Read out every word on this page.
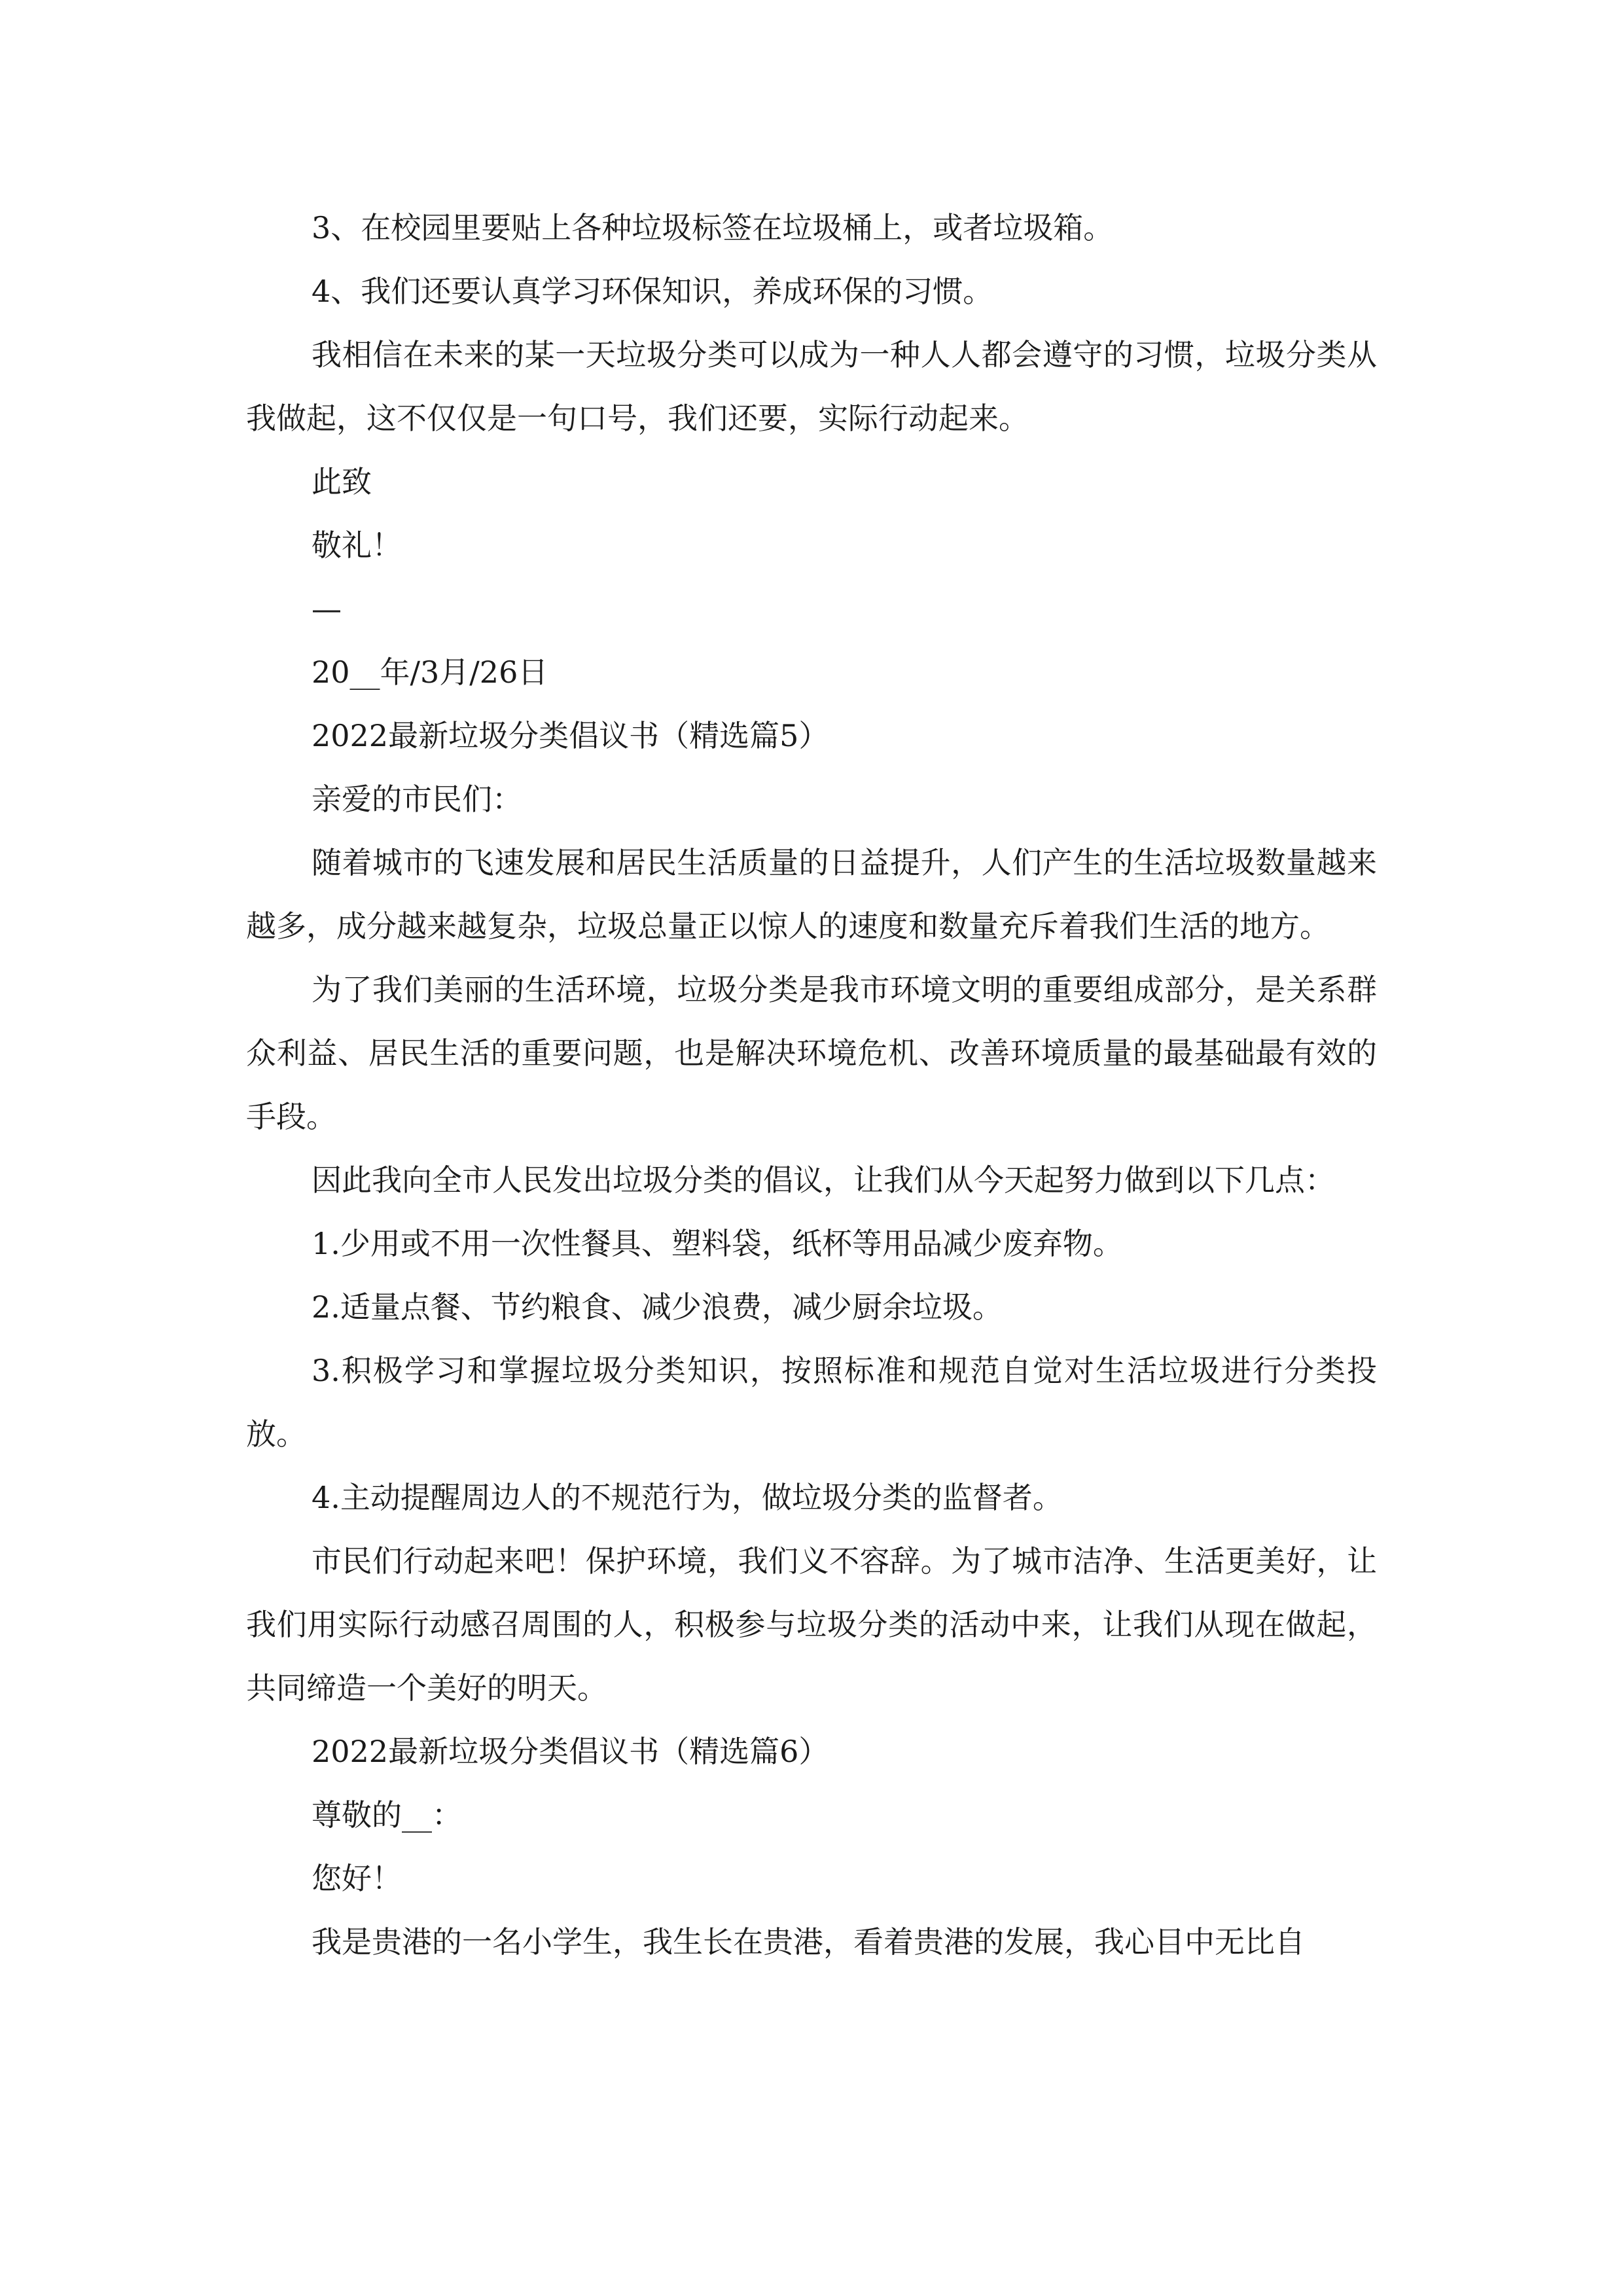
3、在校园里要贴上各种垃圾标签在垃圾桶上，或者垃圾箱。

4、我们还要认真学习环保知识，养成环保的习惯。

我相信在未来的某一天垃圾分类可以成为一种人人都会遵守的习惯，垃圾分类从我做起，这不仅仅是一句口号，我们还要，实际行动起来。

此致

敬礼！

—

20__年/3月/26日

2022最新垃圾分类倡议书（精选篇5）

亲爱的市民们：

随着城市的飞速发展和居民生活质量的日益提升，人们产生的生活垃圾数量越来越多，成分越来越复杂，垃圾总量正以惊人的速度和数量充斥着我们生活的地方。

为了我们美丽的生活环境，垃圾分类是我市环境文明的重要组成部分，是关系群众利益、居民生活的重要问题，也是解决环境危机、改善环境质量的最基础最有效的手段。

因此我向全市人民发出垃圾分类的倡议，让我们从今天起努力做到以下几点：

1.少用或不用一次性餐具、塑料袋，纸杯等用品减少废弃物。

2.适量点餐、节约粮食、减少浪费，减少厨余垃圾。

3.积极学习和掌握垃圾分类知识，按照标准和规范自觉对生活垃圾进行分类投放。

4.主动提醒周边人的不规范行为，做垃圾分类的监督者。

市民们行动起来吧！保护环境，我们义不容辞。为了城市洁净、生活更美好，让我们用实际行动感召周围的人，积极参与垃圾分类的活动中来，让我们从现在做起，共同缔造一个美好的明天。

2022最新垃圾分类倡议书（精选篇6）

尊敬的__：

您好！

我是贵港的一名小学生，我生长在贵港，看着贵港的发展，我心目中无比自
